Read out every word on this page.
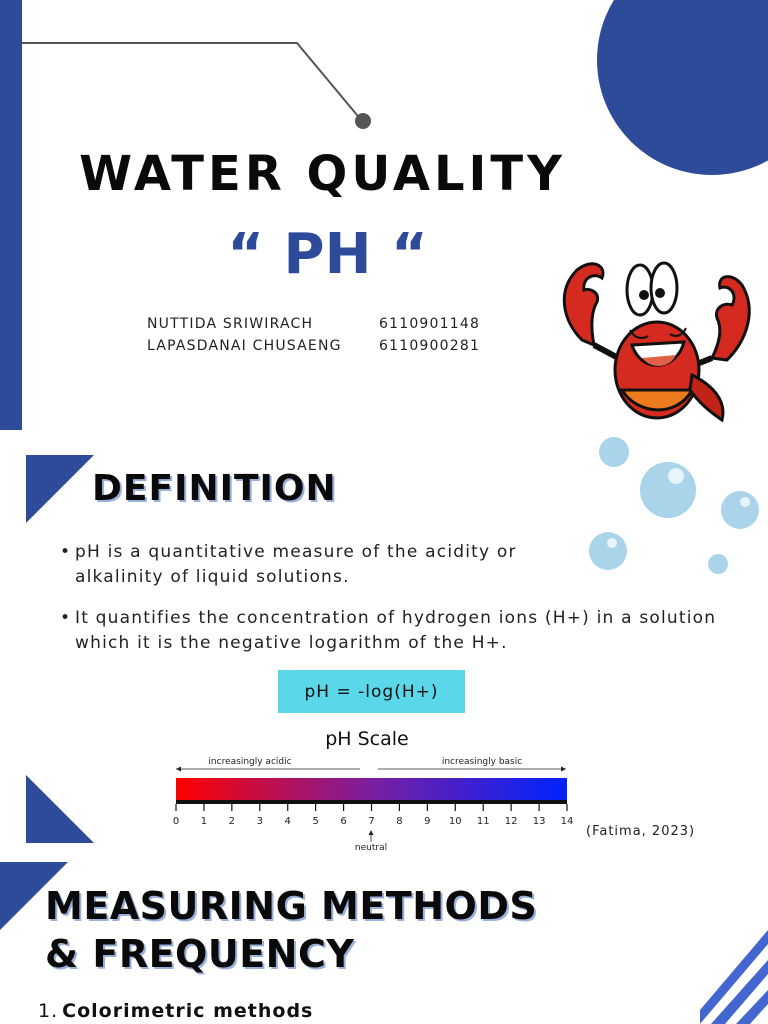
WATER QUALITY
“ PH “
NUTTIDA SRIWIRACH	6110901148
LAPASDANAI CHUSAENG	6110900281
DEFINITION
• pH is a quantitative measure of the acidity or alkalinity of liquid solutions.
• It quantifies the concentration of hydrogen ions (H+) in a solution which it is the negative logarithm of the H+.
pH = -log(H+)
pH Scale
increasingly acidic	increasingly basic
0 1 2 3 4 5 6 7 8 9 10 11 12 13 14
neutral
(Fatima, 2023)
MEASURING METHODS
& FREQUENCY
1. Colorimetric methods
